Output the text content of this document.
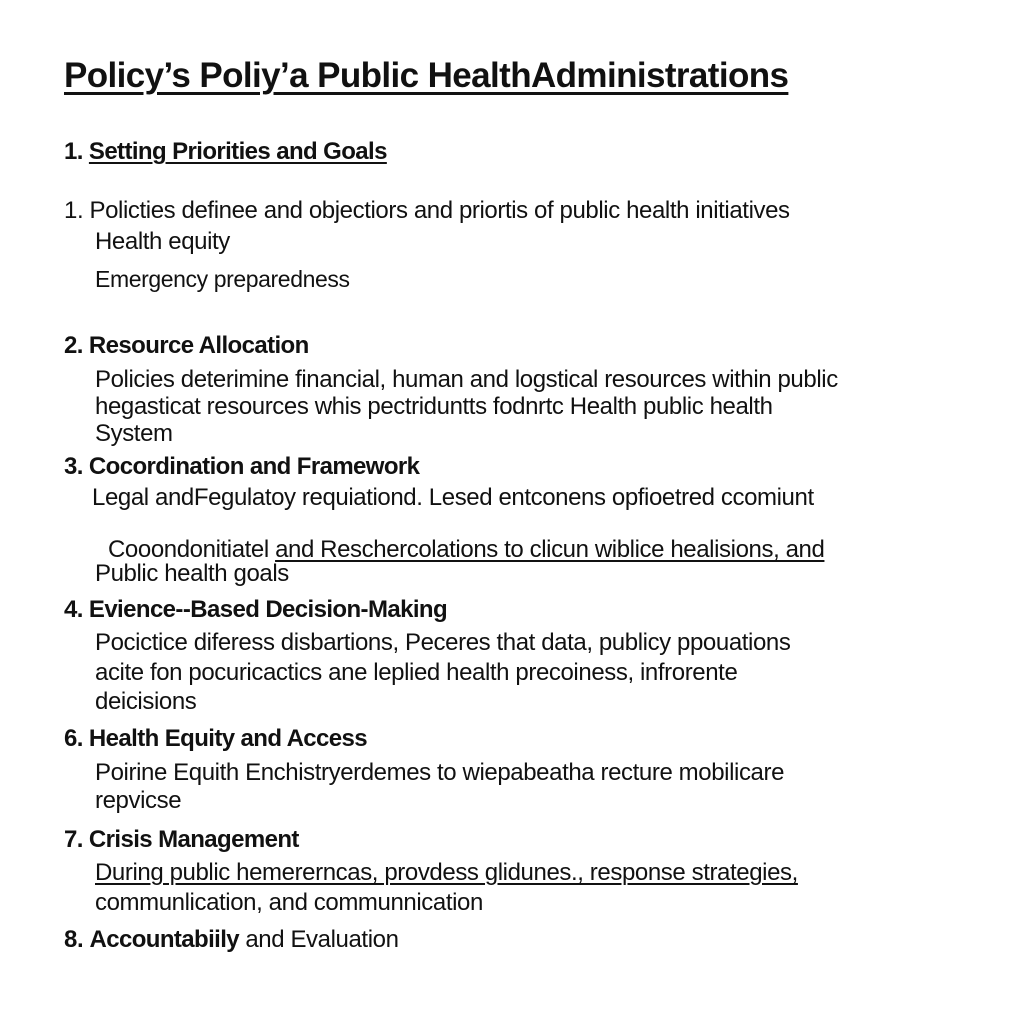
Policy’s Poliy’a Public HealthAdministrations
1. Setting Priorities and Goals
1. Policties definee and objectiors and priortis of public health initiatives
Health equity
Emergency preparedness
2. Resource Allocation
Policies deterimine financial, human and logstical resources within public
hegasticat resources whis pectriduntts fodnrtc Health public health
System
3. Cocordination and Framework
Legal andFegulatoy requiationd. Lesed entconens opfioetred ccomiunt
Cooondonitiatel and Reschercolations to clicun wiblice healisions, and
Public health goals
4. Evience--Based Decision-Making
Pocictice diferess disbartions, Peceres that data, publicy ppouations
acite fon pocuricactics ane leplied health precoiness, infrorente
deicisions
6. Health Equity and Access
Poirine Equith Enchistryerdemes to wiepabeatha recture mobilicare
repvicse
7. Crisis Management
During public hemererncas, provdess glidunes., response strategies,
communlication, and communnication
8. Accountabiily and Evaluation
